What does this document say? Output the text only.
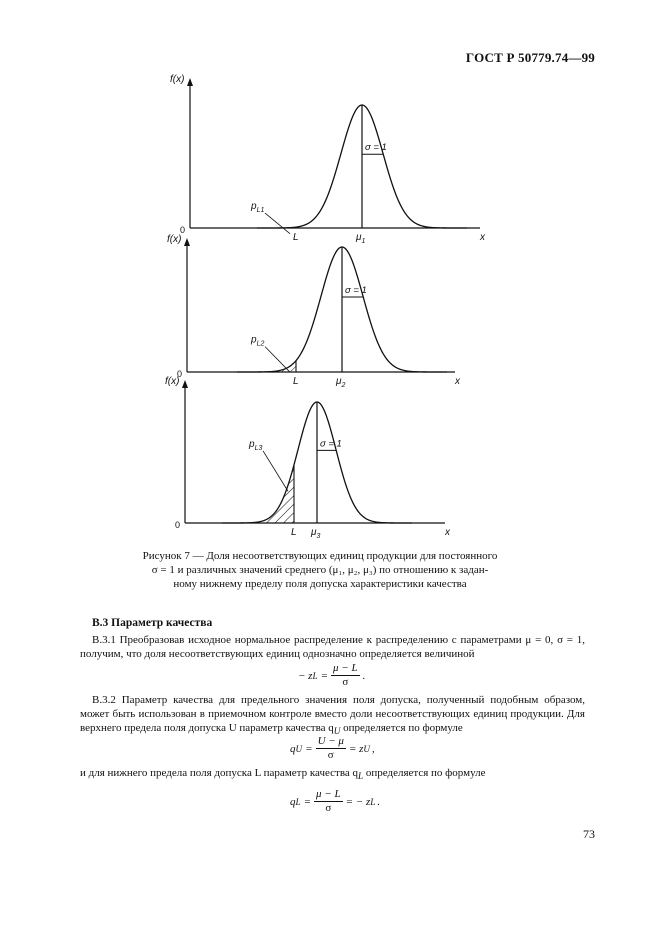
ГОСТ Р 50779.74—99
σ = 1
$p_{L1}$
f(x)
0
x
L	$\mu_1$
σ = 1
$p_{L2}$
f(x)
0
x
L	$\mu_2$
σ = 1
$p_{L3}$
f(x)
0
x
L $\mu_3$
Рисунок 7 — Доля несоответствующих единиц продукции для постоянного
σ = 1 и различных значений среднего (μ₁, μ₂, μ₃) по отношению к задан-
ному нижнему пределу поля допуска характеристики качества
В.3 Параметр качества
В.3.1 Преобразовав исходное нормальное распределение к распределению с параметрами μ = 0, σ = 1, получим, что доля несоответствующих единиц однозначно определяется величиной
− z $L = \frac{\mu - L}{\sigma}$ .
В.3.2 Параметр качества для предельного значения поля допуска, полученный подобным образом, может быть использован в приемочном контроле вместо доли несоответствующих единиц продукции. Для верхнего предела поля допуска U параметр качества $q_U$ определяется по формуле
q $U = \frac{U - \mu}{\sigma} = z$ U ,
и для нижнего предела поля допуска L параметр качества $q_L$ определяется по формуле
q $L = \frac{\mu - L}{\sigma}$ = − z L .
73
